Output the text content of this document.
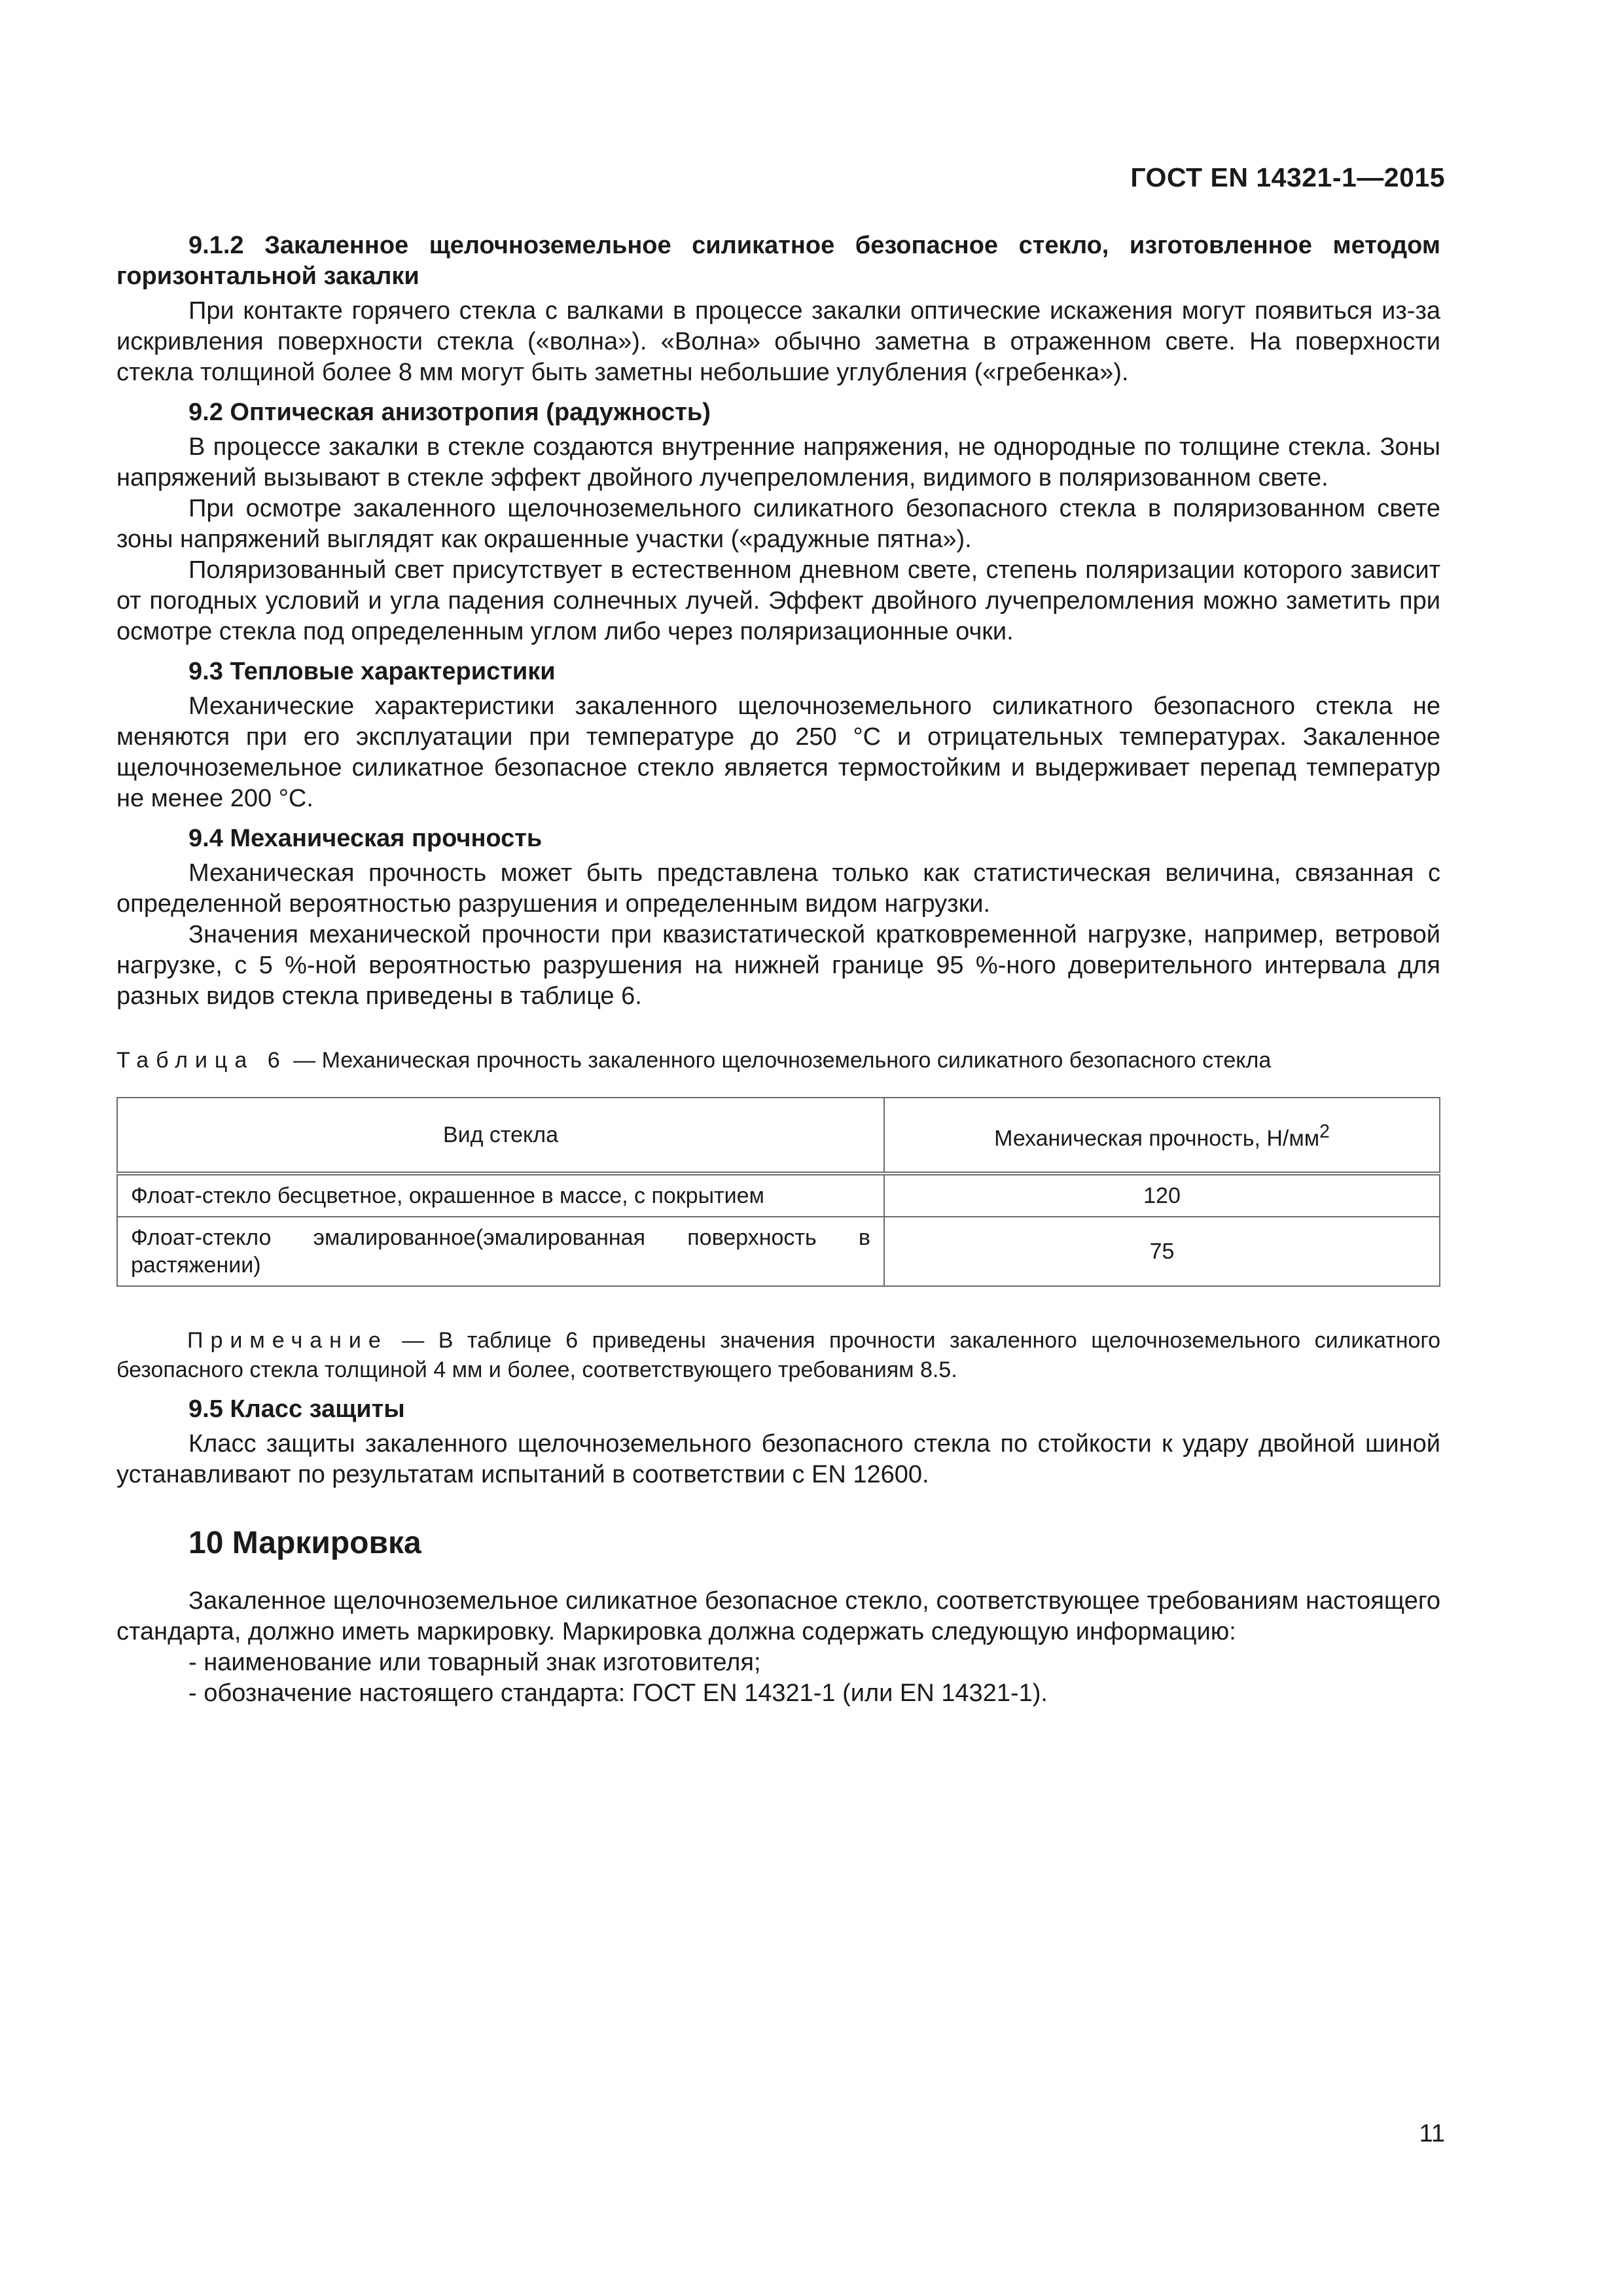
ГОСТ EN 14321-1—2015

9.1.2 Закаленное щелочноземельное силикатное безопасное стекло, изготовленное методом горизонтальной закалки

При контакте горячего стекла с валками в процессе закалки оптические искажения могут появиться из-за искривления поверхности стекла («волна»). «Волна» обычно заметна в отраженном свете. На поверхности стекла толщиной более 8 мм могут быть заметны небольшие углубления («гребенка»).

9.2 Оптическая анизотропия (радужность)

В процессе закалки в стекле создаются внутренние напряжения, не однородные по толщине стекла. Зоны напряжений вызывают в стекле эффект двойного лучепреломления, видимого в поляризованном свете.

При осмотре закаленного щелочноземельного силикатного безопасного стекла в поляризованном свете зоны напряжений выглядят как окрашенные участки («радужные пятна»).

Поляризованный свет присутствует в естественном дневном свете, степень поляризации которого зависит от погодных условий и угла падения солнечных лучей. Эффект двойного лучепреломления можно заметить при осмотре стекла под определенным углом либо через поляризационные очки.

9.3 Тепловые характеристики

Механические характеристики закаленного щелочноземельного силикатного безопасного стекла не меняются при его эксплуатации при температуре до 250 °С и отрицательных температурах. Закаленное щелочноземельное силикатное безопасное стекло является термостойким и выдерживает перепад температур не менее 200 °С.

9.4 Механическая прочность

Механическая прочность может быть представлена только как статистическая величина, связанная с определенной вероятностью разрушения и определенным видом нагрузки.

Значения механической прочности при квазистатической кратковременной нагрузке, например, ветровой нагрузке, с 5 %-ной вероятностью разрушения на нижней границе 95 %-ного доверительного интервала для разных видов стекла приведены в таблице 6.

Таблица 6 — Механическая прочность закаленного щелочноземельного силикатного безопасного стекла

Вид стекла	Механическая прочность, $Н/мм^2$
Флоат-стекло бесцветное, окрашенное в массе, с покрытием	120
Флоат-стекло эмалированное(эмалированная поверхность в растяжении)	75

Примечание — В таблице 6 приведены значения прочности закаленного щелочноземельного силикатного безопасного стекла толщиной 4 мм и более, соответствующего требованиям 8.5.

9.5 Класс защиты

Класс защиты закаленного щелочноземельного безопасного стекла по стойкости к удару двойной шиной устанавливают по результатам испытаний в соответствии с EN 12600.

10 Маркировка

Закаленное щелочноземельное силикатное безопасное стекло, соответствующее требованиям настоящего стандарта, должно иметь маркировку. Маркировка должна содержать следующую информацию:

- наименование или товарный знак изготовителя;

- обозначение настоящего стандарта: ГОСТ EN 14321-1 (или EN 14321-1).

11
